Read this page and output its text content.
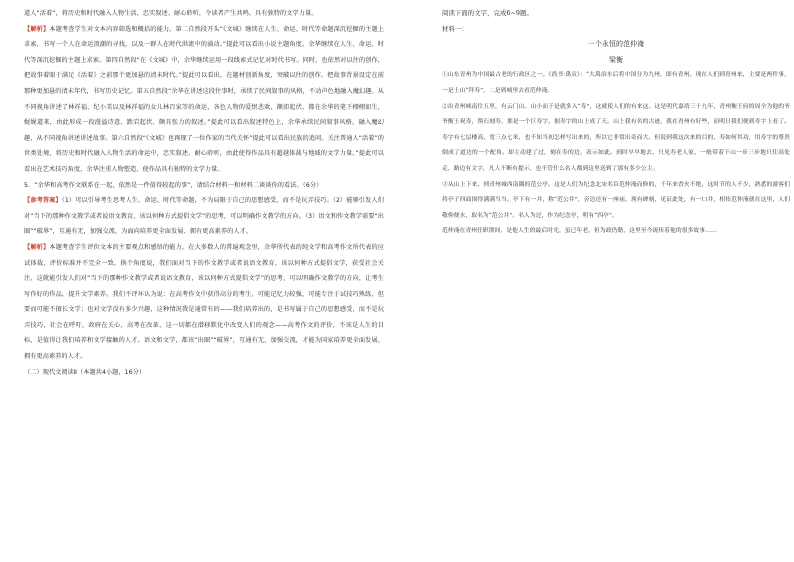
道人“活着”，将历史和时代融入人物生活，忠实叙述、耐心聆听，令读者产生共鸣，具有独特的文学力量。

【解析】本题考查学生对文本内容筛选和概括的能力。第二自然段开头“《文城》继续在人生、命运、时代等命题深沉挖掘的主题上求索，书写一个人在命运浪潮的寻找，以及一群人在时代洪流中的涌动。”提此可以看出小说主题角度，余华继续在人生、命运、时代等深沉挖掘的主题上求索。第四自然段“在《文城》中，余华继续运用一段线索式记忆对时代书写。同时，也依然对以往的创作，把故事着眼于满足《活着》之前那个更加悬的清末时代。”提此可以看出，在题材创新角度，突破以往的创作。把故事背景设定在前那种更加悬的清末年代，书写历史记忆。第五自然段“余华在讲述这段往事时，承续了民间叙事的风格，不动声色地融入魔幻趣。从不同视角讲述了林祥福、纪小美以及林祥福的女儿林百家等的命运，各色人物的爱恨悲欢、颠沛起伏，都在余华的笔下栩栩如生，娓娓道来，由此形成一段漫溢诗意、跌宕起伏、颇具张力的叙述。”提此可以看出叙述特色上，余华承续民间叙事风格，融入魔幻趣，从不同视角讲述讲述故事。第六自然段“《文城》也再现了一位作家的当代关怀”提此可以看出民族的追问。关注普通人“活着”的世类处境，将历史和时代融入人物生活的命运中，忠实叙述、耐心聆听，由此使得作品具有超越体裁与地域的文学力量。”提此可以看出在艺术技巧角度，余华注重人物塑造，使作品具有独特的文学力量。

5．“余华和高考作文联系在一起，依然是一件值得较起的事”，请结合材料一和材料二谈谈你的看法。（6分）

【参考答案】（1）可以引导考生思考人生、命运、时代等命题，不为局限于自己的思想感受，而不是玩弄技巧。（2）能够引发人们对“当下的那种作文教学或者说语文教育，该以何种方式提倡文学”的思考，可以明确作文教学的方向。（3）语文和作文教学需要“出圈”“破界”，互通有无，加强交流，为面向培养更全面发展、拥有更高素养的人才。

【解析】本题考查学生评价文本的主要观点和感悟的能力。在大多数人的普遍观念里，余华所代表的纯文学和高考作文所代表的应试体裁，评价标准并不完全一致。换个角度说，我们面对当下的作文教学或者说语文教育，该以何种方式提倡文学，获受社会关注，这就能引发人们对“当下的那种作文教学或者说语文教育，该以何种方式提倡文学”的思考，可以明确作文教学的方向，让考生写作好的作品，提升文学素养。我们不评坏认为说：在高考作文中获得高分的考生，可能记忆力较强，可能专注于试技巧熟练，但要而可能不擅长文学；也对文学没有多少兴趣，这种情况我是通常有的——我们培养出的，是书写属于自己的思想感受，而不是玩弄技巧，社会在呼吁，政府在关心，高考在改革，这一切都在潜移默化中改变人们的观念——高考作文的评价，不该是人生的目标，是值得让我们培养和文学接触的人才。语文和文学，都该“出圈”“破界”，互通有无，加强交流，才能为国家培养更全面发展、拥有更高素养的人才。

（二）现代文阅读Ⅱ（本题共4小题，16分）

阅读下面的文字，完成6~9题。

材料一：

一个永恒的范仲淹

梁衡

①山东青州为中国最古老的行政区之一。《尚书·禹贡》：“大禹治水后将中国分为九州，即有青州。现在人们到青州来，主要是两件事，一是上山“拜寿”，二是到城里去看范仲淹。

②出青州城南往五里，有云门山。山小而于是就多入“寿”，这就使人们的有来这。这是明代嘉靖三十九年，青州衡王府的周全为他的爷爷衡王祝寿，凿石刻寿，那是一个巨寿字，据寿字的山上成了天。山上我有名的古迹，我在青州有好些，而明日我们便到寿字上看了。寿字有七层楼高，宽三点七米，也不知当初怎样写出来的，所以它非常出奇而大。但说到我这次来的目的，寿如何其功，用寿字的尊贵倒成了道边的一个配角。却主动建了过，刻在寿的边，表示如此。到时早早地去，只见寿老人家，一般带着下山一步三步地只往高处走，路边有文字，凡人不断有提示，也不管什么名人都到这里送到了那有多少公主。

③从山上下来，到青州城西南隅的范公亭。这是人们为纪念北宋名臣范仲淹而修的，千年来香火不绝，这时节的人不少，熟悉的游客们将亭子四面围得满满当当。亭下有一井，称“范公井”，旁边还有一座庙，现有碑刻，见证此处，有一口井，相传范仲淹就在这里，人们敬仰便水，取名为“范公井”。名人为过，作为纪念亭，明有“四亭”。

范仲淹在青州任职期间，是他人生的最后时光，虽已年老，但为政仍勤，这里至今流传着他的很多故事……
